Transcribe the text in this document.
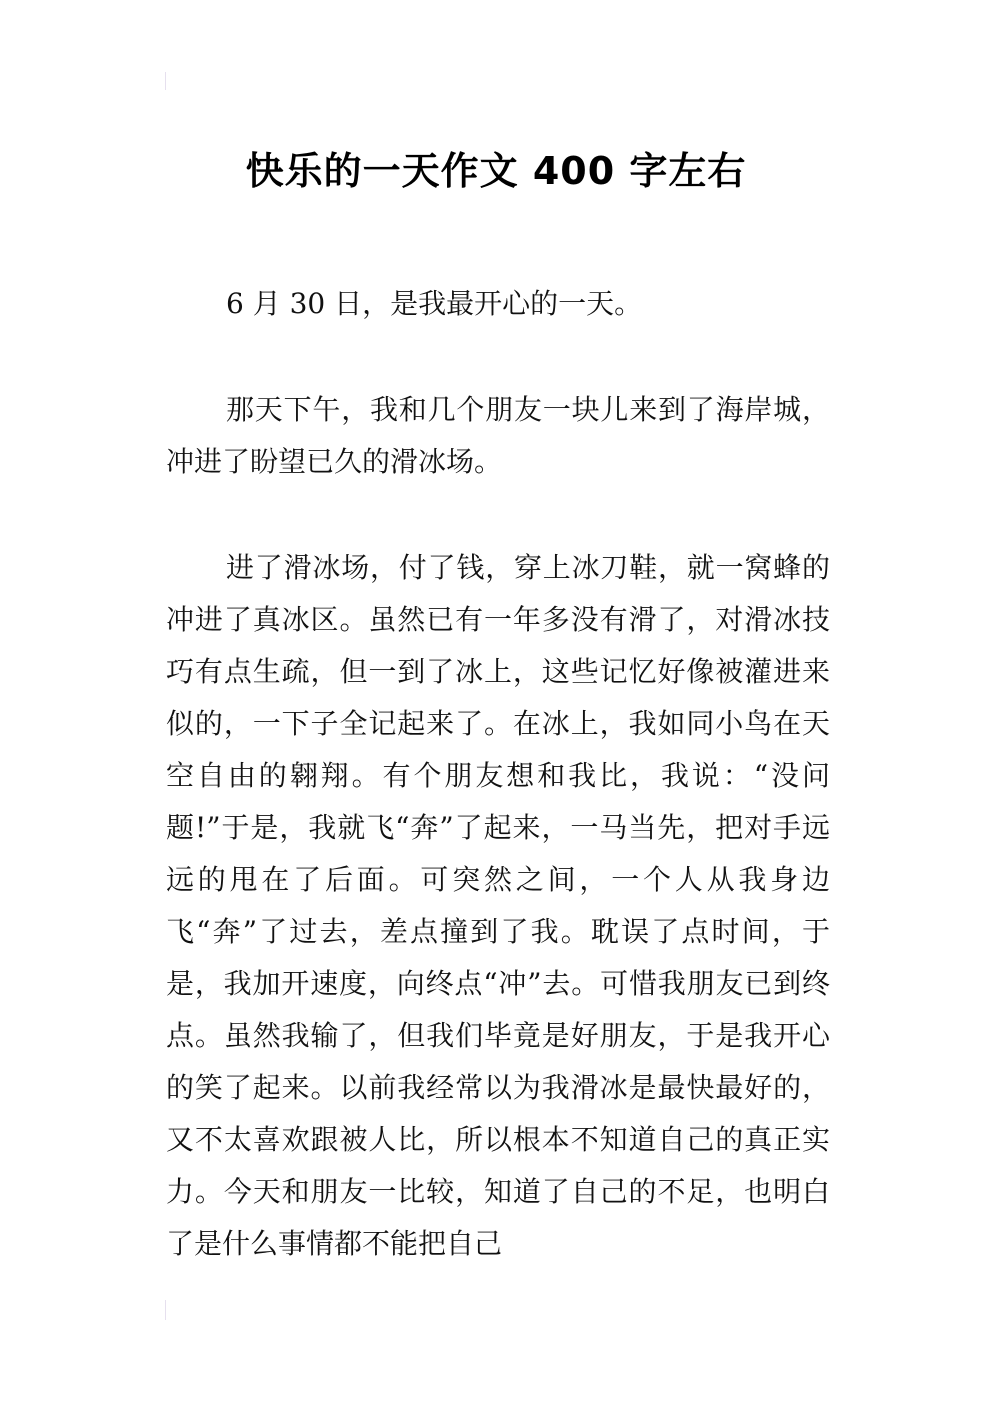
快乐的一天作文 400 字左右

6 月 30 日，是我最开心的一天。

那天下午，我和几个朋友一块儿来到了海岸城，冲进了盼望已久的滑冰场。

进了滑冰场，付了钱，穿上冰刀鞋，就一窝蜂的冲进了真冰区。虽然已有一年多没有滑了，对滑冰技巧有点生疏，但一到了冰上，这些记忆好像被灌进来似的，一下子全记起来了。在冰上，我如同小鸟在天空自由的翱翔。有个朋友想和我比，我说：“没问题!”于是，我就飞“奔”了起来，一马当先，把对手远远的甩在了后面。可突然之间，一个人从我身边飞“奔”了过去，差点撞到了我。耽误了点时间，于是，我加开速度，向终点“冲”去。可惜我朋友已到终点。虽然我输了，但我们毕竟是好朋友，于是我开心的笑了起来。以前我经常以为我滑冰是最快最好的，又不太喜欢跟被人比，所以根本不知道自己的真正实力。今天和朋友一比较，知道了自己的不足，也明白了是什么事情都不能把自己
